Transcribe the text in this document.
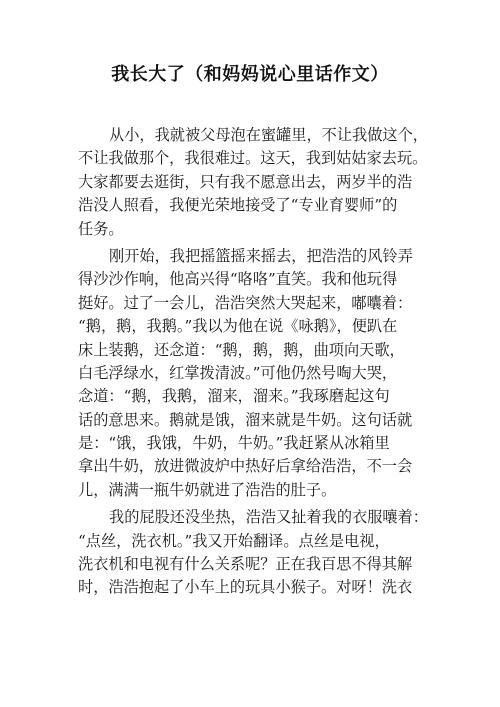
我长大了（和妈妈说心里话作文）
从小，我就被父母泡在蜜罐里，不让我做这个，
不让我做那个，我很难过。这天，我到姑姑家去玩。
大家都要去逛街，只有我不愿意出去，两岁半的浩
浩没人照看，我便光荣地接受了“专业育婴师”的
任务。
刚开始，我把摇篮摇来摇去，把浩浩的风铃弄
得沙沙作响，他高兴得“咯咯”直笑。我和他玩得
挺好。过了一会儿，浩浩突然大哭起来，嘟囔着：
“鹅，鹅，我鹅。”我以为他在说《咏鹅》，便趴在
床上装鹅，还念道：“鹅，鹅，鹅，曲项向天歌，
白毛浮绿水，红掌拨清波。”可他仍然号啕大哭，
念道：“鹅，我鹅，溜来，溜来。”我琢磨起这句
话的意思来。鹅就是饿，溜来就是牛奶。这句话就
是：“饿，我饿，牛奶，牛奶。”我赶紧从冰箱里
拿出牛奶，放进微波炉中热好后拿给浩浩，不一会
儿，满满一瓶牛奶就进了浩浩的肚子。
我的屁股还没坐热，浩浩又扯着我的衣服嚷着：
“点丝，洗衣机。”我又开始翻译。点丝是电视，
洗衣机和电视有什么关系呢？正在我百思不得其解
时，浩浩抱起了小车上的玩具小猴子。对呀！洗衣
